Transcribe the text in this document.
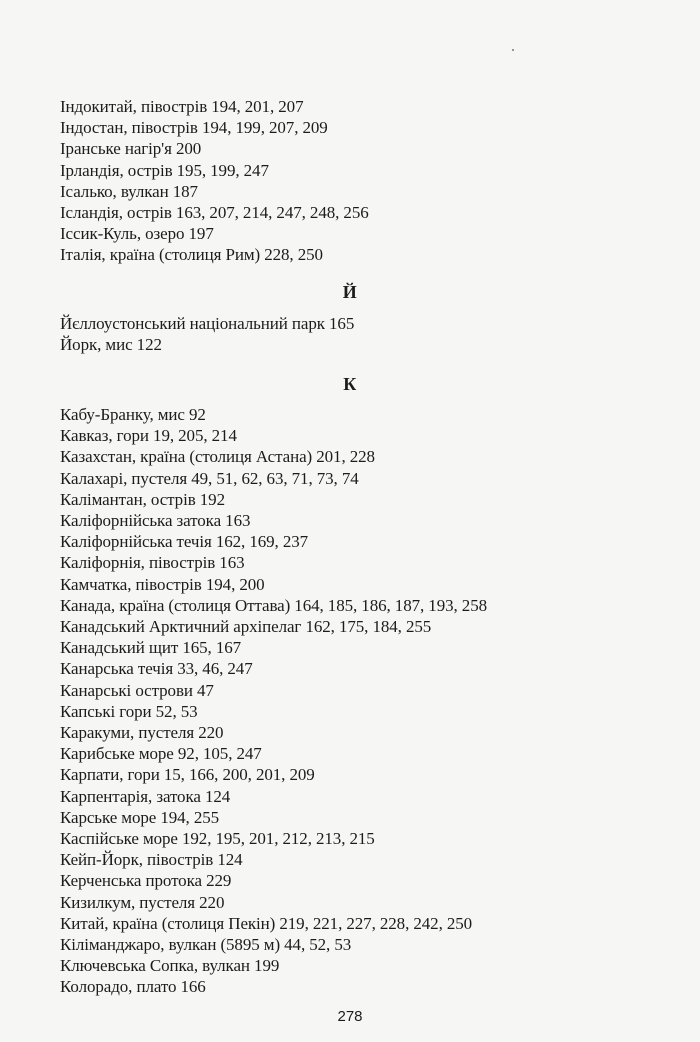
Індокитай, півострів 194, 201, 207
Індостан, півострів 194, 199, 207, 209
Іранське нагір'я 200
Ірландія, острів 195, 199, 247
Ісалько, вулкан 187
Ісландія, острів 163, 207, 214, 247, 248, 256
Іссик-Куль, озеро 197
Італія, країна (столиця Рим) 228, 250
Й
Йєллоустонський національний парк 165
Йорк, мис 122
К
Кабу-Бранку, мис 92
Кавказ, гори 19, 205, 214
Казахстан, країна (столиця Астана) 201, 228
Калахарі, пустеля 49, 51, 62, 63, 71, 73, 74
Калімантан, острів 192
Каліфорнійська затока 163
Каліфорнійська течія 162, 169, 237
Каліфорнія, півострів 163
Камчатка, півострів 194, 200
Канада, країна (столиця Оттава) 164, 185, 186, 187, 193, 258
Канадський Арктичний архіпелаг 162, 175, 184, 255
Канадський щит 165, 167
Канарська течія 33, 46, 247
Канарські острови 47
Капські гори 52, 53
Каракуми, пустеля 220
Карибське море 92, 105, 247
Карпати, гори 15, 166, 200, 201, 209
Карпентарія, затока 124
Карське море 194, 255
Каспійське море 192, 195, 201, 212, 213, 215
Кейп-Йорк, півострів 124
Керченська протока 229
Кизилкум, пустеля 220
Китай, країна (столиця Пекін) 219, 221, 227, 228, 242, 250
Кіліманджаро, вулкан (5895 м) 44, 52, 53
Ключевська Сопка, вулкан 199
Колорадо, плато 166
278
